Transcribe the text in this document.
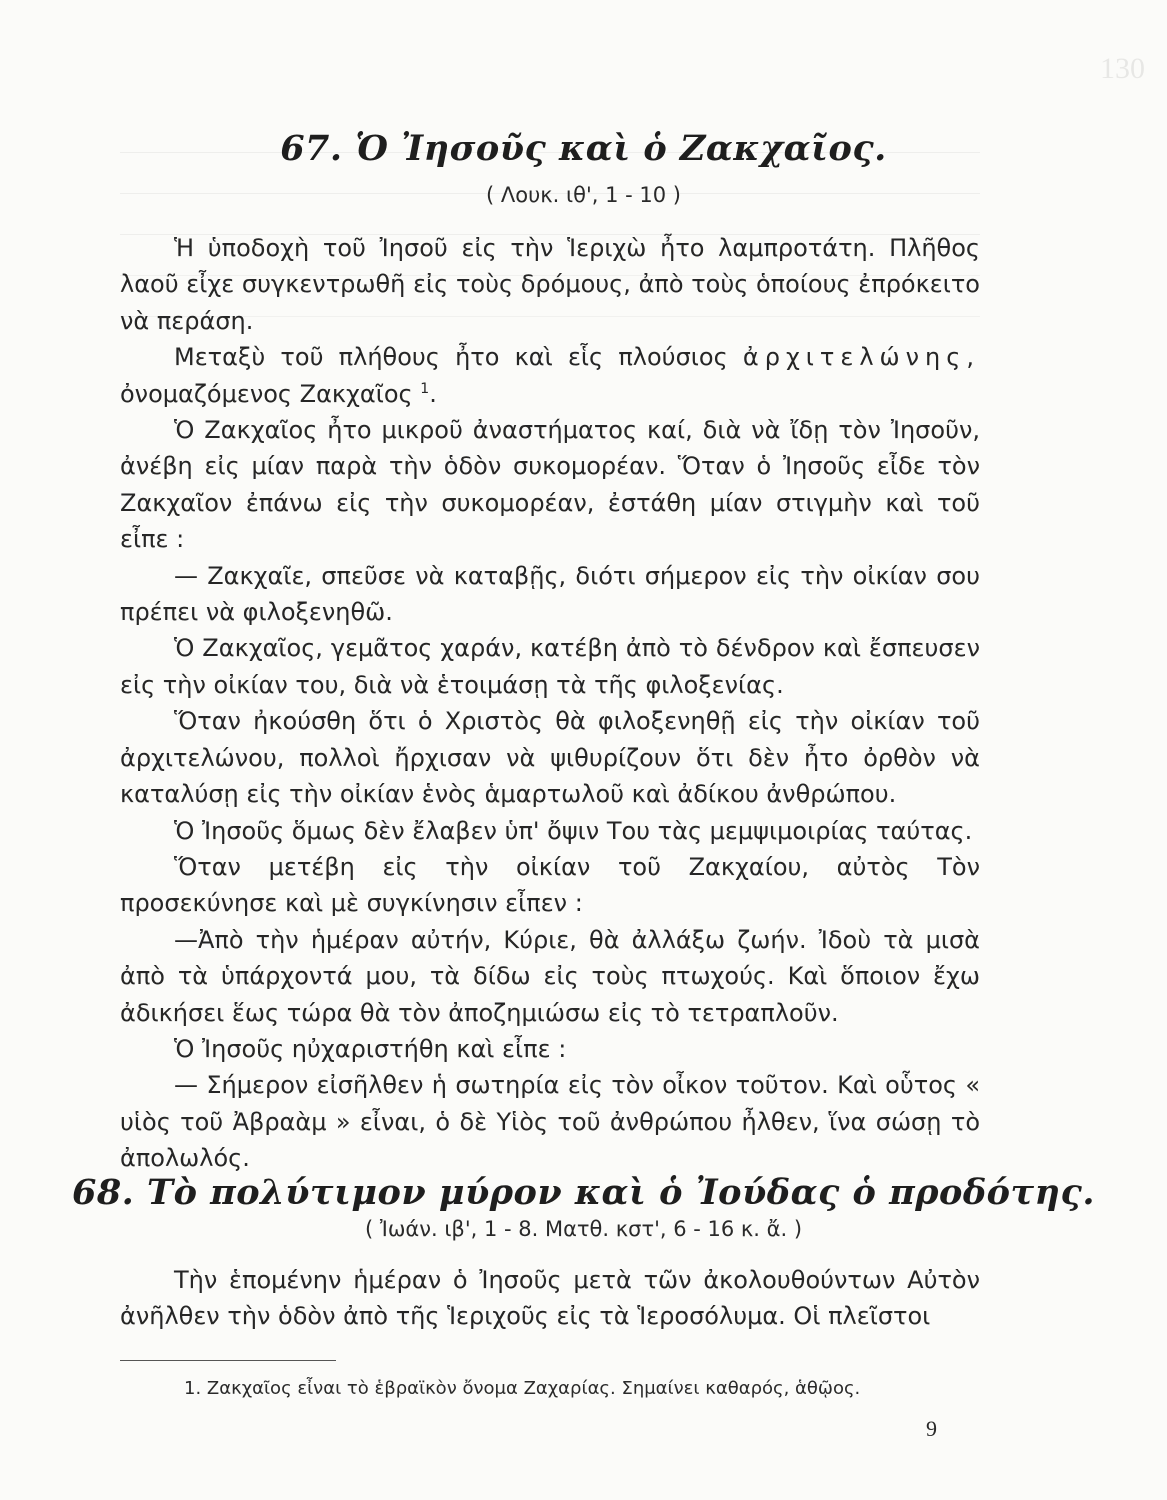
130
67. Ὁ Ἰησοῦς καὶ ὁ Ζακχαῖος.
( Λουκ. ιθ', 1 - 10 )

Ἡ ὑποδοχὴ τοῦ Ἰησοῦ εἰς τὴν Ἱεριχὼ ἦτο λαμπροτάτη. Πλῆθος λαοῦ εἶχε συγκεντρωθῆ εἰς τοὺς δρόμους, ἀπὸ τοὺς ὁποίους ἐπρόκειτο νὰ περάση.

Μεταξὺ τοῦ πλήθους ἦτο καὶ εἷς πλούσιος ἀρχιτελώνης, ὀνομαζόμενος Ζακχαῖος $^1$.

Ὁ Ζακχαῖος ἦτο μικροῦ ἀναστήματος καί, διὰ νὰ ἴδῃ τὸν Ἰησοῦν, ἀνέβη εἰς μίαν παρὰ τὴν ὁδὸν συκομορέαν. Ὅταν ὁ Ἰησοῦς εἶδε τὸν Ζακχαῖον ἐπάνω εἰς τὴν συκομορέαν, ἐστάθη μίαν στιγμὴν καὶ τοῦ εἶπε :

— Ζακχαῖε, σπεῦσε νὰ καταβῇς, διότι σήμερον εἰς τὴν οἰκίαν σου πρέπει νὰ φιλοξενηθῶ.

Ὁ Ζακχαῖος, γεμᾶτος χαράν, κατέβη ἀπὸ τὸ δένδρον καὶ ἔσπευσεν εἰς τὴν οἰκίαν του, διὰ νὰ ἑτοιμάσῃ τὰ τῆς φιλοξενίας.

Ὅταν ἠκούσθη ὅτι ὁ Χριστὸς θὰ φιλοξενηθῇ εἰς τὴν οἰκίαν τοῦ ἀρχιτελώνου, πολλοὶ ἤρχισαν νὰ ψιθυρίζουν ὅτι δὲν ἦτο ὀρθὸν νὰ καταλύσῃ εἰς τὴν οἰκίαν ἑνὸς ἁμαρτωλοῦ καὶ ἀδίκου ἀνθρώπου.

Ὁ Ἰησοῦς ὅμως δὲν ἔλαβεν ὑπ' ὄψιν Του τὰς μεμψιμοιρίας ταύτας.

Ὅταν μετέβη εἰς τὴν οἰκίαν τοῦ Ζακχαίου, αὐτὸς Τὸν προσεκύνησε καὶ μὲ συγκίνησιν εἶπεν :

—Ἀπὸ τὴν ἡμέραν αὐτήν, Κύριε, θὰ ἀλλάξω ζωήν. Ἰδοὺ τὰ μισὰ ἀπὸ τὰ ὑπάρχοντά μου, τὰ δίδω εἰς τοὺς πτωχούς. Καὶ ὅποιον ἔχω ἀδικήσει ἕως τώρα θὰ τὸν ἀποζημιώσω εἰς τὸ τετραπλοῦν.

Ὁ Ἰησοῦς ηὐχαριστήθη καὶ εἶπε :

— Σήμερον εἰσῆλθεν ἡ σωτηρία εἰς τὸν οἶκον τοῦτον. Καὶ οὗτος « υἱὸς τοῦ Ἀβραὰμ » εἶναι, ὁ δὲ Υἱὸς τοῦ ἀνθρώπου ἦλθεν, ἵνα σώσῃ τὸ ἀπολωλός.

68. Τὸ πολύτιμον μύρον καὶ ὁ Ἰούδας ὁ προδότης.
( Ἰωάν. ιβ', 1 - 8. Ματθ. κστ', 6 - 16 κ. ἄ. )

Τὴν ἑπομένην ἡμέραν ὁ Ἰησοῦς μετὰ τῶν ἀκολουθούντων Αὐτὸν ἀνῆλθεν τὴν ὁδὸν ἀπὸ τῆς Ἱεριχοῦς εἰς τὰ Ἱεροσόλυμα. Οἱ πλεῖστοι

1. Ζακχαῖος εἶναι τὸ ἑβραϊκὸν ὄνομα Ζαχαρίας. Σημαίνει καθαρός, ἁθῷος.
9
